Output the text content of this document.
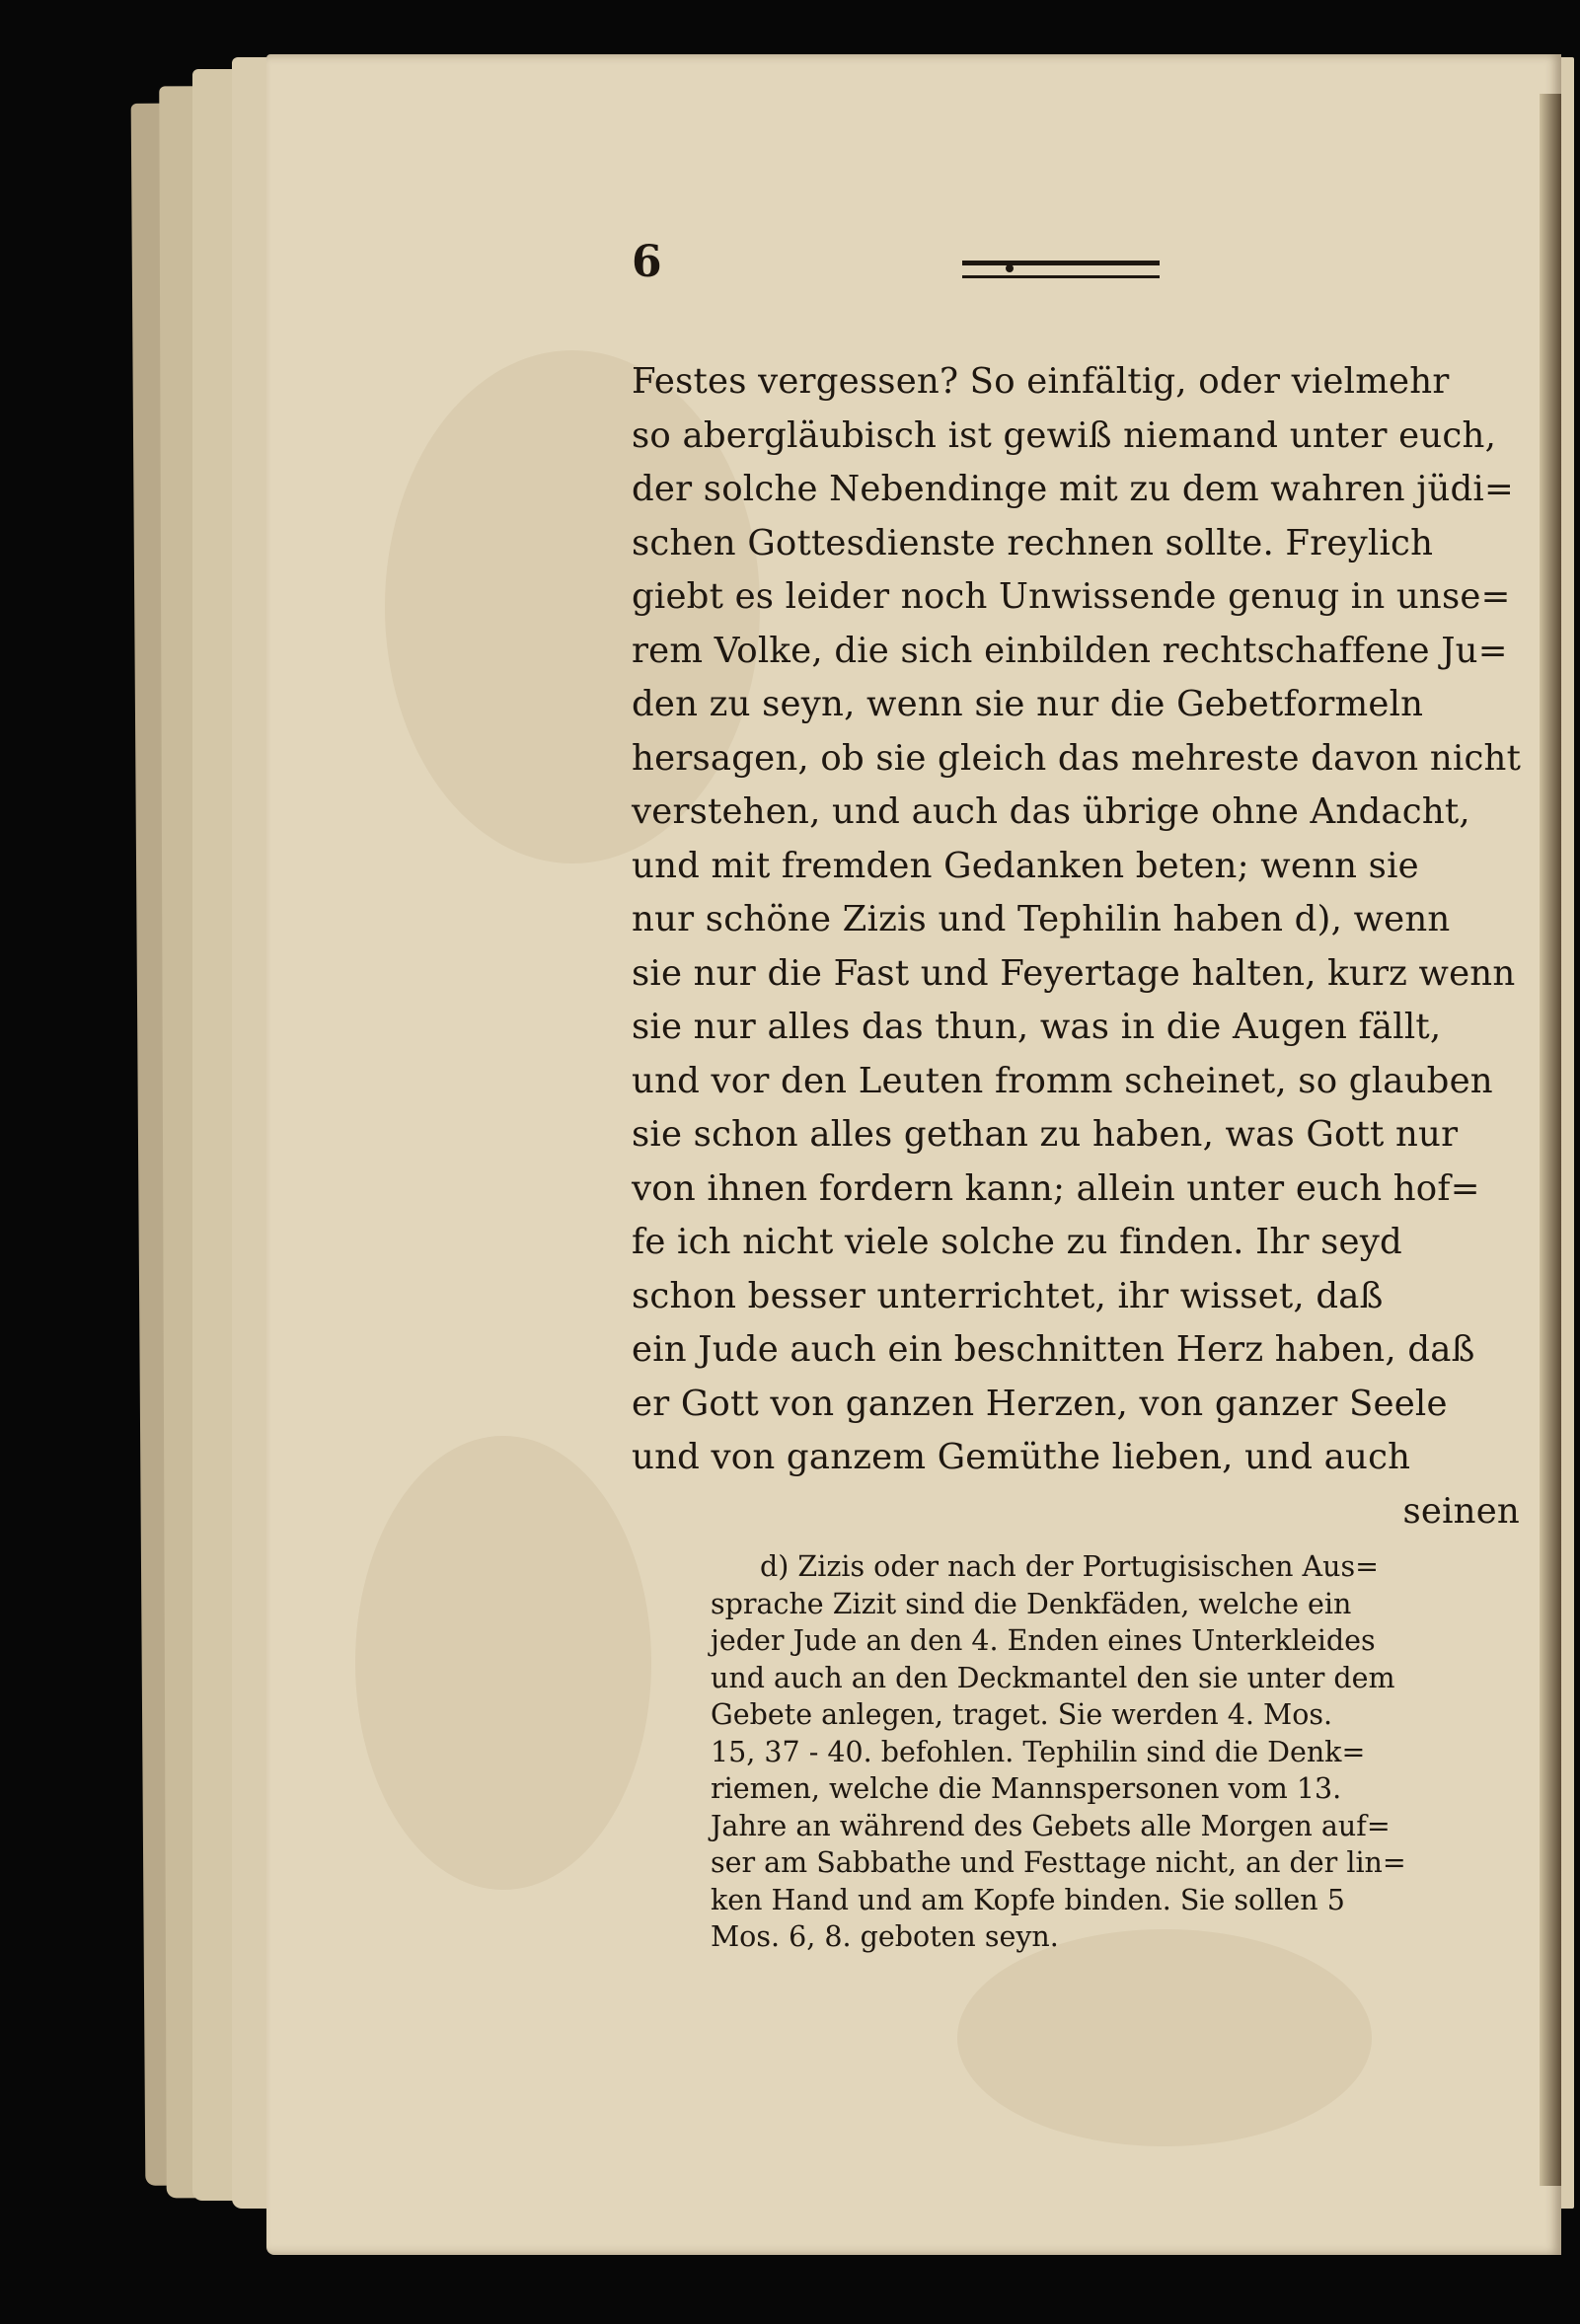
6
Festes vergessen? So einfältig, oder vielmehr
so abergläubisch ist gewiß niemand unter euch,
der solche Nebendinge mit zu dem wahren jüdi=
schen Gottesdienste rechnen sollte. Freylich
giebt es leider noch Unwissende genug in unse=
rem Volke, die sich einbilden rechtschaffene Ju=
den zu seyn, wenn sie nur die Gebetformeln
hersagen, ob sie gleich das mehreste davon nicht
verstehen, und auch das übrige ohne Andacht,
und mit fremden Gedanken beten; wenn sie
nur schöne Zizis und Tephilin haben d), wenn
sie nur die Fast und Feyertage halten, kurz wenn
sie nur alles das thun, was in die Augen fällt,
und vor den Leuten fromm scheinet, so glauben
sie schon alles gethan zu haben, was Gott nur
von ihnen fordern kann; allein unter euch hof=
fe ich nicht viele solche zu finden. Ihr seyd
schon besser unterrichtet, ihr wisset, daß
ein Jude auch ein beschnitten Herz haben, daß
er Gott von ganzen Herzen, von ganzer Seele
und von ganzem Gemüthe lieben, und auch
seinen
d) Zizis oder nach der Portugisischen Aus=
sprache Zizit sind die Denkfäden, welche ein
jeder Jude an den 4. Enden eines Unterkleides
und auch an den Deckmantel den sie unter dem
Gebete anlegen, traget. Sie werden 4. Mos.
15, 37 - 40. befohlen. Tephilin sind die Denk=
riemen, welche die Mannspersonen vom 13.
Jahre an während des Gebets alle Morgen auf=
ser am Sabbathe und Festtage nicht, an der lin=
ken Hand und am Kopfe binden. Sie sollen 5
Mos. 6, 8. geboten seyn.
